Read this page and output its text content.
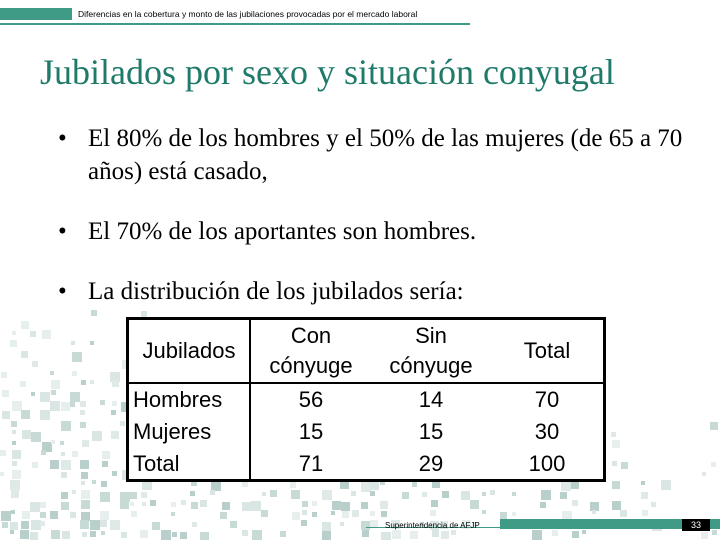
Diferencias en la cobertura y monto de las jubilaciones provocadas por el mercado laboral
Jubilados por sexo y situación conyugal
• El 80% de los hombres y el 50% de las mujeres (de 65 a 70 años) está casado,
• El 70% de los aportantes son hombres.
• La distribución de los jubilados sería:
Jubilados	Con cónyuge	Sin cónyuge	Total
Hombres	56	14	70
Mujeres	15	15	30
Total	71	29	100
Superintendencia de AFJP	33
